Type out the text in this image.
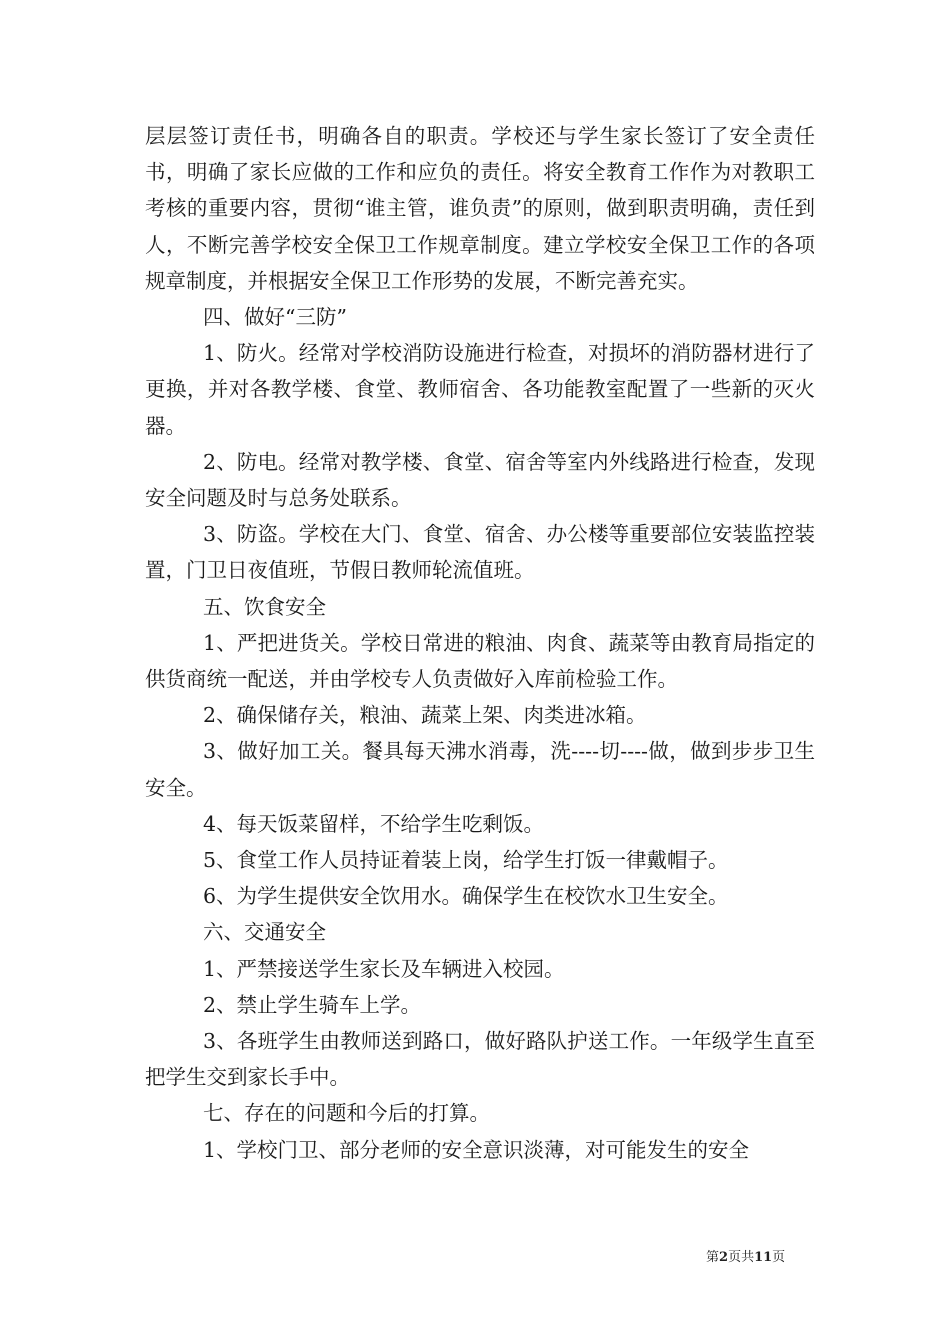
层层签订责任书，明确各自的职责。学校还与学生家长签订了安全责任书，明确了家长应做的工作和应负的责任。将安全教育工作作为对教职工考核的重要内容，贯彻“谁主管，谁负责”的原则，做到职责明确，责任到人，不断完善学校安全保卫工作规章制度。建立学校安全保卫工作的各项规章制度，并根据安全保卫工作形势的发展，不断完善充实。

四、做好“三防”

1、防火。经常对学校消防设施进行检查，对损坏的消防器材进行了更换，并对各教学楼、食堂、教师宿舍、各功能教室配置了一些新的灭火器。

2、防电。经常对教学楼、食堂、宿舍等室内外线路进行检查，发现安全问题及时与总务处联系。

3、防盗。学校在大门、食堂、宿舍、办公楼等重要部位安装监控装置，门卫日夜值班，节假日教师轮流值班。

五、饮食安全

1、严把进货关。学校日常进的粮油、肉食、蔬菜等由教育局指定的供货商统一配送，并由学校专人负责做好入库前检验工作。

2、确保储存关，粮油、蔬菜上架、肉类进冰箱。

3、做好加工关。餐具每天沸水消毒，洗----切----做，做到步步卫生安全。

4、每天饭菜留样，不给学生吃剩饭。

5、食堂工作人员持证着装上岗，给学生打饭一律戴帽子。

6、为学生提供安全饮用水。确保学生在校饮水卫生安全。

六、交通安全

1、严禁接送学生家长及车辆进入校园。

2、禁止学生骑车上学。

3、各班学生由教师送到路口，做好路队护送工作。一年级学生直至把学生交到家长手中。

七、存在的问题和今后的打算。

1、学校门卫、部分老师的安全意识淡薄，对可能发生的安全

第2页共11页
